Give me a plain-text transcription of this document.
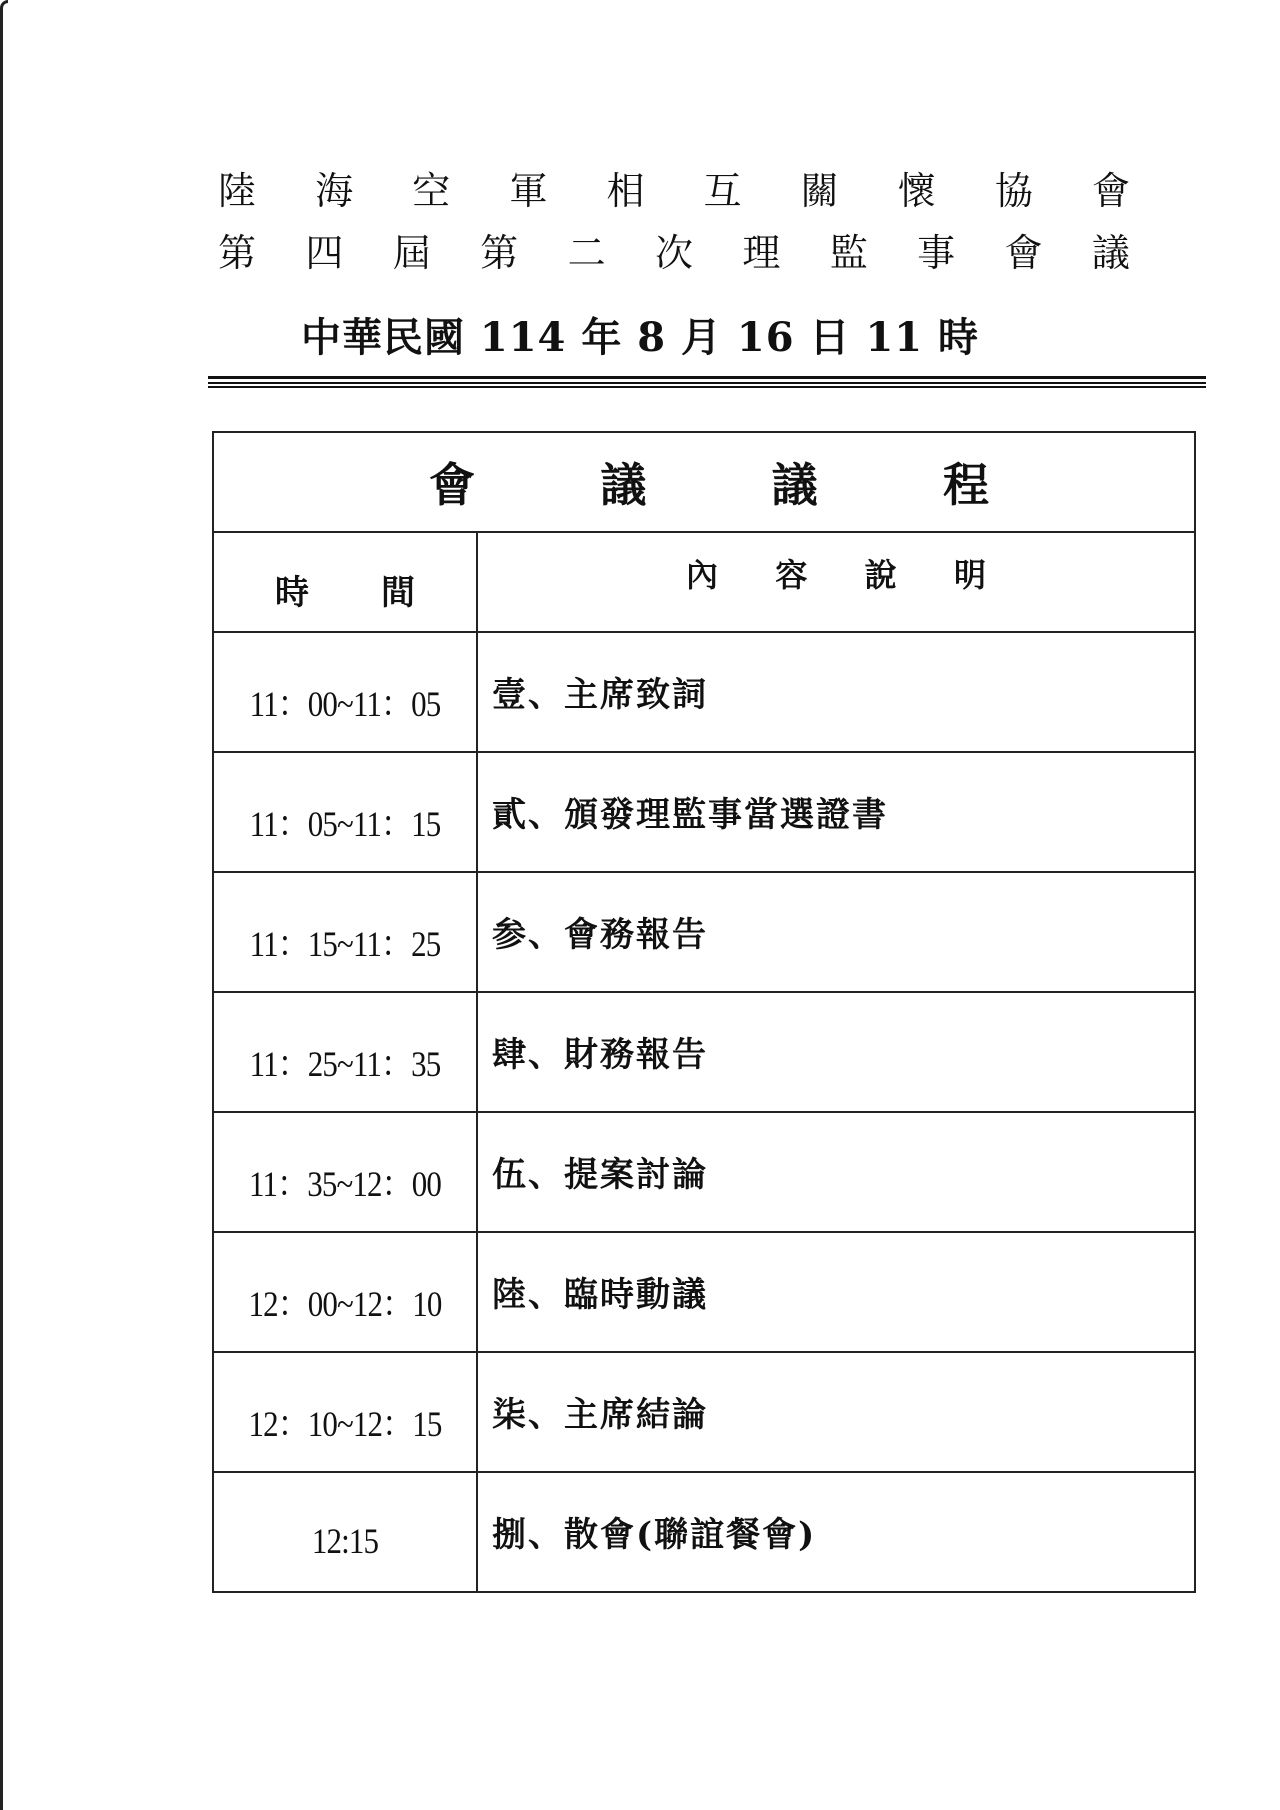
陸 海 空 軍 相 互 關 懷 協 會
第 四 屆 第 二 次 理 監 事 會 議
中華民國 114 年 8 月 16 日 11 時
會 議 議 程	

時 間	內 容 說 明

11：00~11：05	壹、主席致詞
11：05~11：15	貳、頒發理監事當選證書
11：15~11：25	参、會務報告
11：25~11：35	肆、財務報告
11：35~12：00	伍、提案討論
12：00~12：10	陸、臨時動議
12：10~12：15	柒、主席結論
12:15	捌、散會(聯誼餐會)
